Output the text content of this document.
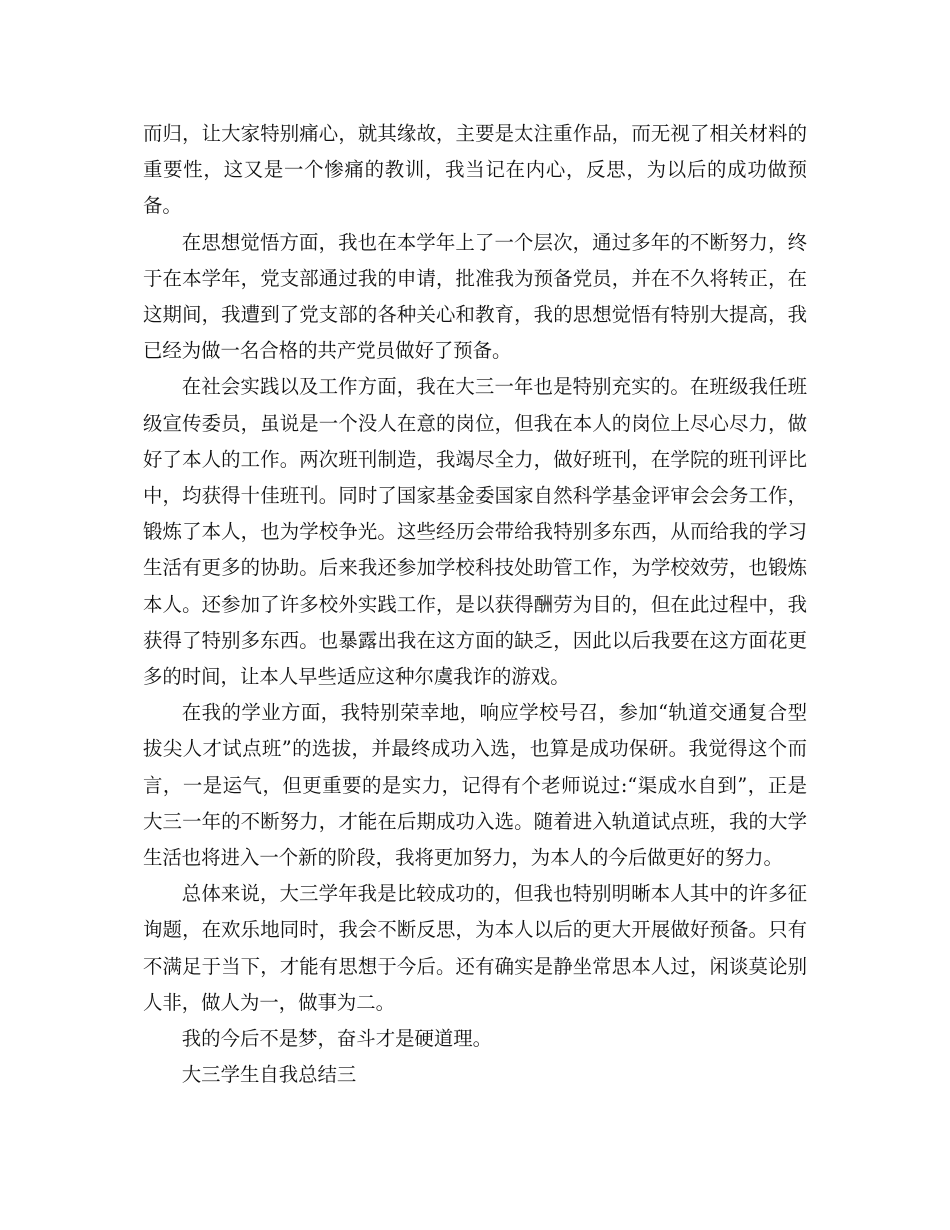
而归，让大家特别痛心，就其缘故，主要是太注重作品，而无视了相关材料的重要性，这又是一个惨痛的教训，我当记在内心，反思，为以后的成功做预备。

在思想觉悟方面，我也在本学年上了一个层次，通过多年的不断努力，终于在本学年，党支部通过我的申请，批准我为预备党员，并在不久将转正，在这期间，我遭到了党支部的各种关心和教育，我的思想觉悟有特别大提高，我已经为做一名合格的共产党员做好了预备。

在社会实践以及工作方面，我在大三一年也是特别充实的。在班级我任班级宣传委员，虽说是一个没人在意的岗位，但我在本人的岗位上尽心尽力，做好了本人的工作。两次班刊制造，我竭尽全力，做好班刊，在学院的班刊评比中，均获得十佳班刊。同时了国家基金委国家自然科学基金评审会会务工作，锻炼了本人，也为学校争光。这些经历会带给我特别多东西，从而给我的学习生活有更多的协助。后来我还参加学校科技处助管工作，为学校效劳，也锻炼本人。还参加了许多校外实践工作，是以获得酬劳为目的，但在此过程中，我获得了特别多东西。也暴露出我在这方面的缺乏，因此以后我要在这方面花更多的时间，让本人早些适应这种尔虞我诈的游戏。

在我的学业方面，我特别荣幸地，响应学校号召，参加“轨道交通复合型拔尖人才试点班”的选拔，并最终成功入选，也算是成功保研。我觉得这个而言，一是运气，但更重要的是实力，记得有个老师说过:“渠成水自到”，正是大三一年的不断努力，才能在后期成功入选。随着进入轨道试点班，我的大学生活也将进入一个新的阶段，我将更加努力，为本人的今后做更好的努力。

总体来说，大三学年我是比较成功的，但我也特别明晰本人其中的许多征询题，在欢乐地同时，我会不断反思，为本人以后的更大开展做好预备。只有不满足于当下，才能有思想于今后。还有确实是静坐常思本人过，闲谈莫论别人非，做人为一，做事为二。

我的今后不是梦，奋斗才是硬道理。

大三学生自我总结三
